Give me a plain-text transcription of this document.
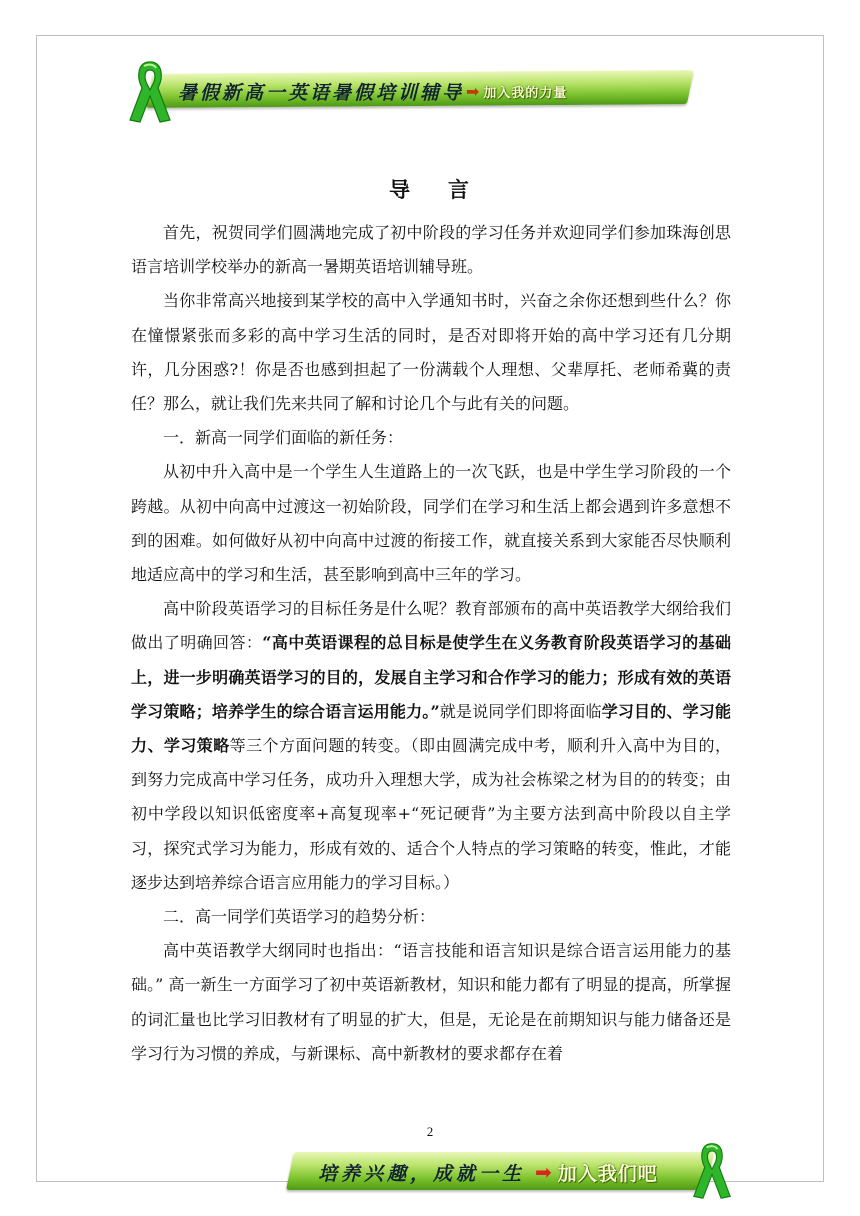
暑假新高一英语暑假培训辅导 ➡ 加入我的力量
导 言

首先，祝贺同学们圆满地完成了初中阶段的学习任务并欢迎同学们参加珠海创思语言培训学校举办的新高一暑期英语培训辅导班。

当你非常高兴地接到某学校的高中入学通知书时，兴奋之余你还想到些什么？你在憧憬紧张而多彩的高中学习生活的同时，是否对即将开始的高中学习还有几分期许，几分困惑?！你是否也感到担起了一份满载个人理想、父辈厚托、老师希冀的责任？那么，就让我们先来共同了解和讨论几个与此有关的问题。

一．新高一同学们面临的新任务：

从初中升入高中是一个学生人生道路上的一次飞跃，也是中学生学习阶段的一个跨越。从初中向高中过渡这一初始阶段，同学们在学习和生活上都会遇到许多意想不到的困难。如何做好从初中向高中过渡的衔接工作，就直接关系到大家能否尽快顺利地适应高中的学习和生活，甚至影响到高中三年的学习。

高中阶段英语学习的目标任务是什么呢？教育部颁布的高中英语教学大纲给我们做出了明确回答：“高中英语课程的总目标是使学生在义务教育阶段英语学习的基础上，进一步明确英语学习的目的，发展自主学习和合作学习的能力；形成有效的英语学习策略；培养学生的综合语言运用能力。”就是说同学们即将面临学习目的、学习能力、学习策略等三个方面问题的转变。（即由圆满完成中考，顺利升入高中为目的，到努力完成高中学习任务，成功升入理想大学，成为社会栋梁之材为目的的转变；由初中学段以知识低密度率+高复现率+“死记硬背”为主要方法到高中阶段以自主学习，探究式学习为能力，形成有效的、适合个人特点的学习策略的转变，惟此，才能逐步达到培养综合语言应用能力的学习目标。）

二．高一同学们英语学习的趋势分析：

高中英语教学大纲同时也指出：“语言技能和语言知识是综合语言运用能力的基础。” 高一新生一方面学习了初中英语新教材，知识和能力都有了明显的提高，所掌握的词汇量也比学习旧教材有了明显的扩大，但是，无论是在前期知识与能力储备还是学习行为习惯的养成，与新课标、高中新教材的要求都存在着

2
培养兴趣，成就一生 ➡ 加入我们吧
